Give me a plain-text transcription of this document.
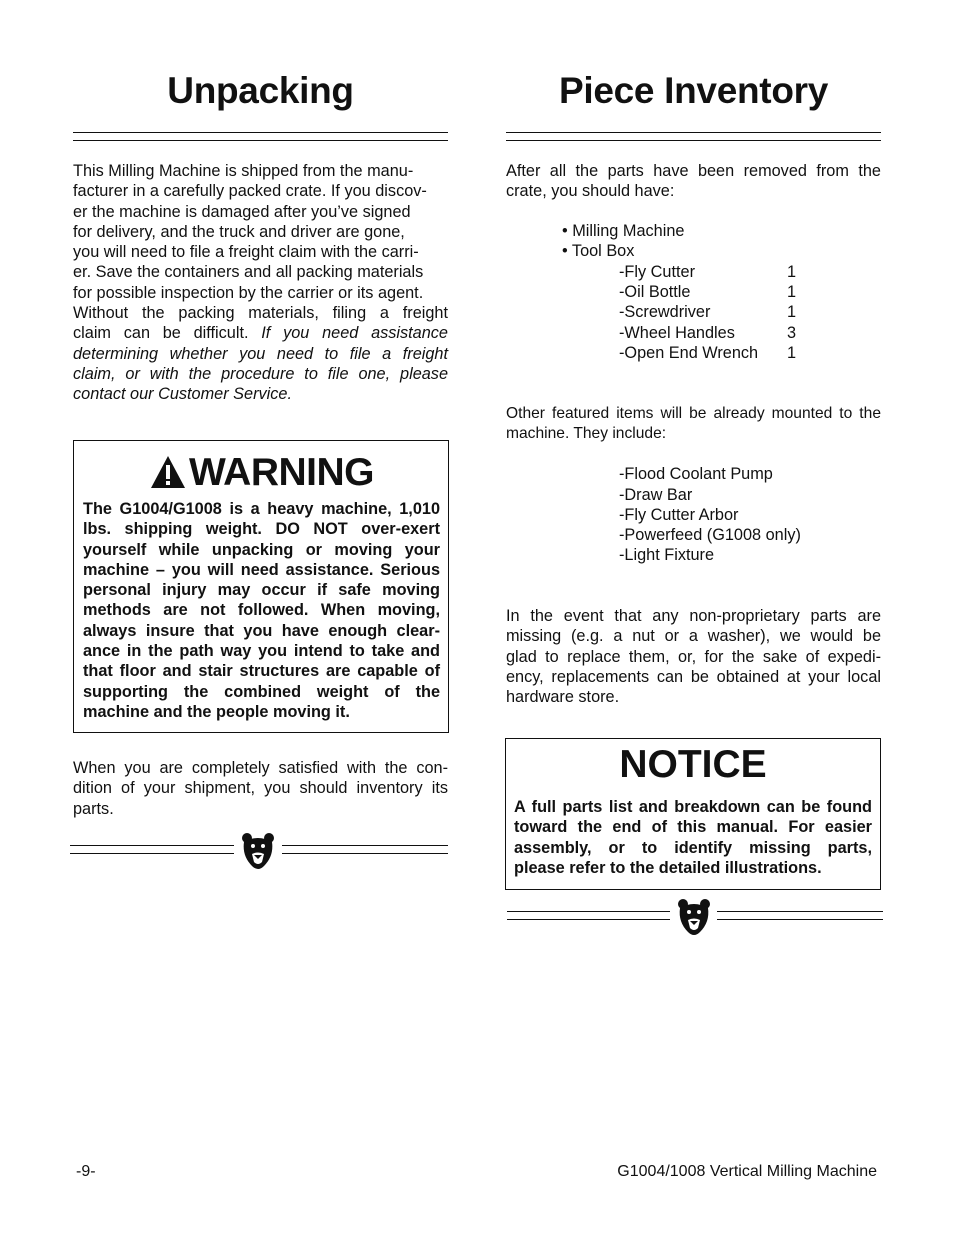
Unpacking

This Milling Machine is shipped from the manu-

facturer in a carefully packed crate. If you discov-

er the machine is damaged after you’ve signed

for delivery, and the truck and driver are gone,

you will need to file a freight claim with the carri-

er. Save the containers and all packing materials

for possible inspection by the carrier or its agent.

Without the packing materials, filing a freight

claim can be difficult. If you need assistance

determining whether you need to file a freight

claim, or with the procedure to file one, please

contact our Customer Service.

WARNING

The G1004/G1008 is a heavy machine, 1,010

lbs. shipping weight. DO NOT over-exert

yourself while unpacking or moving your

machine – you will need assistance. Serious

personal injury may occur if safe moving

methods are not followed. When moving,

always insure that you have enough clear-

ance in the path way you intend to take and

that floor and stair structures are capable of

supporting the combined weight of the

machine and the people moving it.

When you are completely satisfied with the con-

dition of your shipment, you should inventory its

parts.

Piece Inventory

After all the parts have been removed from the

crate, you should have:

• Milling Machine
• Tool Box
-Fly Cutter	1
-Oil Bottle	1
-Screwdriver	1
-Wheel Handles	3
-Open End Wrench 1

Other featured items will be already mounted to the

machine. They include:

-Flood Coolant Pump
-Draw Bar
-Fly Cutter Arbor
-Powerfeed (G1008 only)
-Light Fixture

In the event that any non-proprietary parts are

missing (e.g. a nut or a washer), we would be

glad to replace them, or, for the sake of expedi-

ency, replacements can be obtained at your local

hardware store.

NOTICE

A full parts list and breakdown can be found

toward the end of this manual. For easier

assembly, or to identify missing parts,

please refer to the detailed illustrations.

-9-	G1004/1008 Vertical Milling Machine
